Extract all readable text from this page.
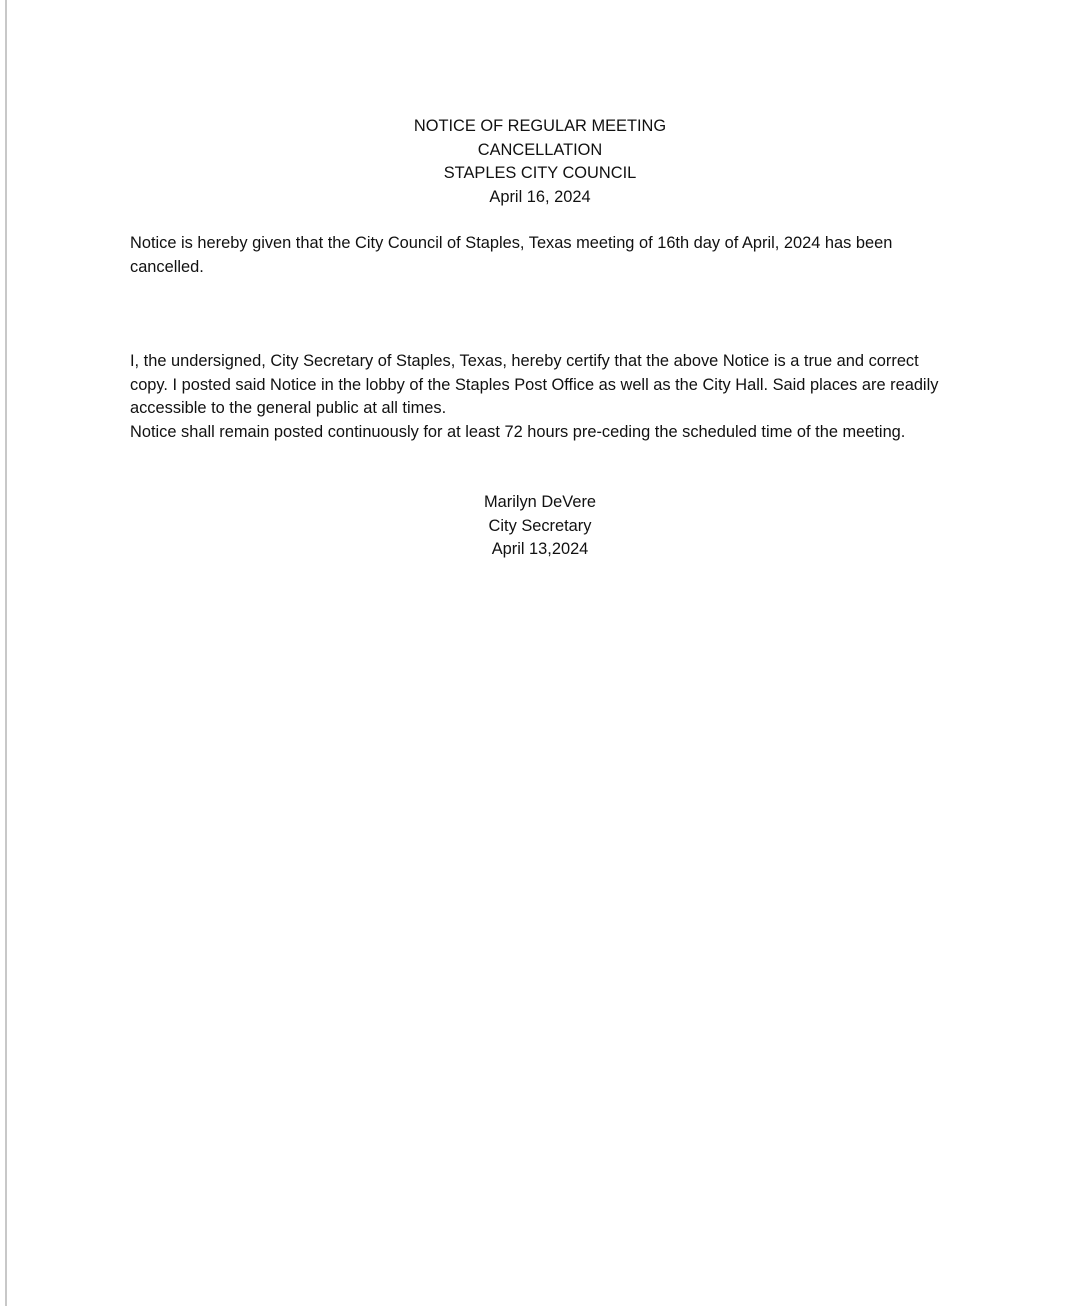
NOTICE OF REGULAR MEETING
CANCELLATION
STAPLES CITY COUNCIL
April 16, 2024

Notice is hereby given that the City Council of Staples, Texas meeting of 16th day of April, 2024 has been cancelled.

I, the undersigned, City Secretary of Staples, Texas, hereby certify that the above Notice is a true and correct copy. I posted said Notice in the lobby of the Staples Post Office as well as the City Hall. Said places are readily accessible to the general public at all times.
Notice shall remain posted continuously for at least 72 hours pre-ceding the scheduled time of the meeting.
Marilyn DeVere
City Secretary
April 13,2024
